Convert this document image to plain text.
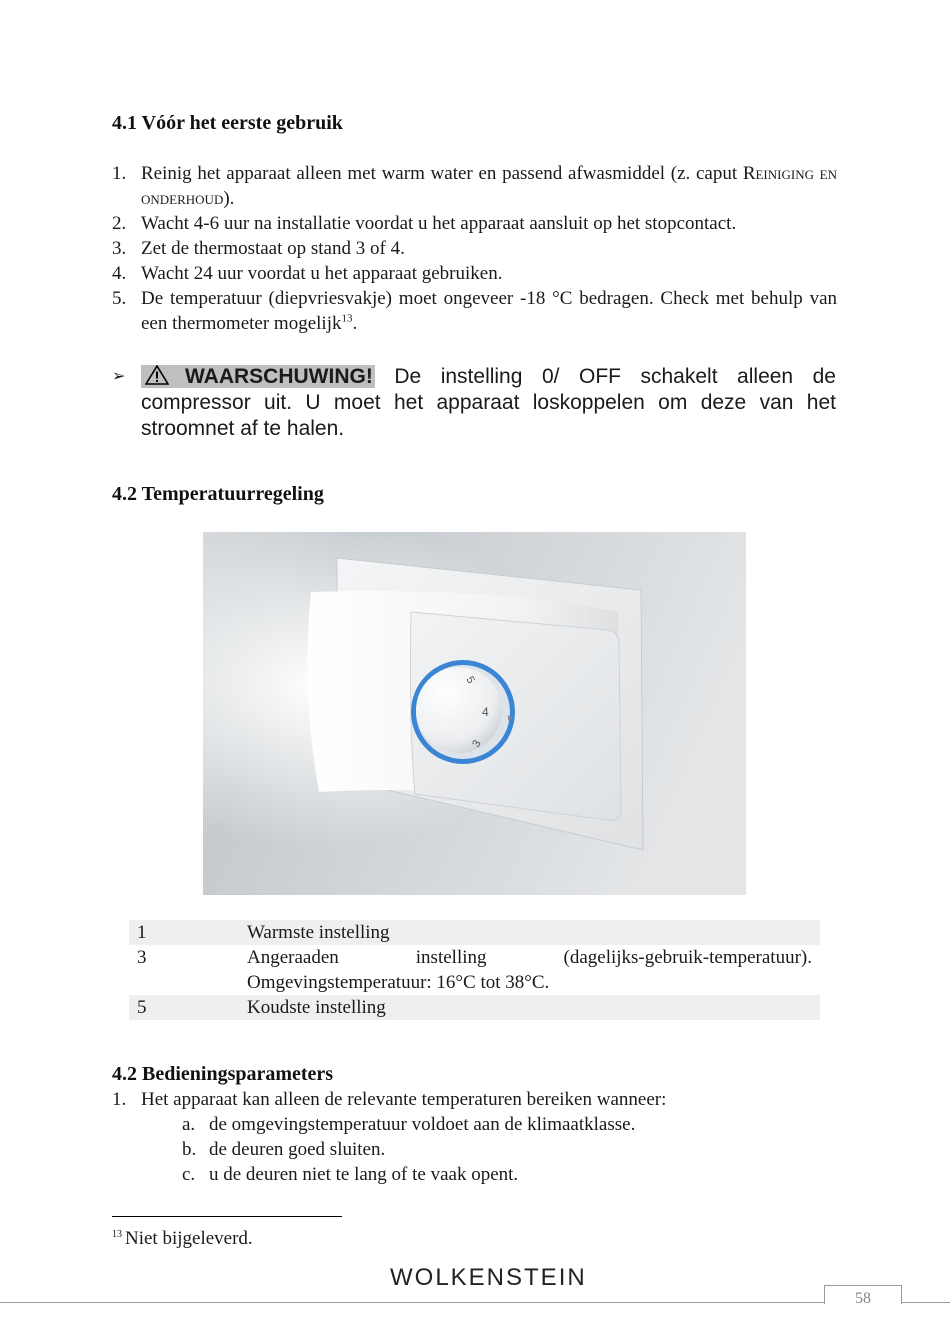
4.1 Vóór het eerste gebruik
1. Reinig het apparaat alleen met warm water en passend afwasmiddel (z. caput Reiniging en onderhoud).
2. Wacht 4-6 uur na installatie voordat u het apparaat aansluit op het stopcontact.
3. Zet de thermostaat op stand 3 of 4.
4. Wacht 24 uur voordat u het apparaat gebruiken.
5. De temperatuur (diepvriesvakje) moet ongeveer -18 °C bedragen. Check met behulp van een thermometer mogelijk$^{13}$.
➢	WAARSCHUWING! De instelling 0/ OFF schakelt alleen de compressor uit. U moet het apparaat loskoppelen om deze van het stroomnet af te halen.
4.2 Temperatuurregeling
5
4
3
1	Warmste instelling
3	Angeraaden instelling (dagelijks-gebruik-temperatuur). Omgevingstemperatuur: 16°C tot 38°C.
5	Koudste instelling
4.2 Bedieningsparameters
1. Het apparaat kan alleen de relevante temperaturen bereiken wanneer:
a. de omgevingstemperatuur voldoet aan de klimaatklasse.
b. de deuren goed sluiten.
c. u de deuren niet te lang of te vaak opent.
$^{13}$ Niet bijgeleverd.
WOLKENSTEIN
58
